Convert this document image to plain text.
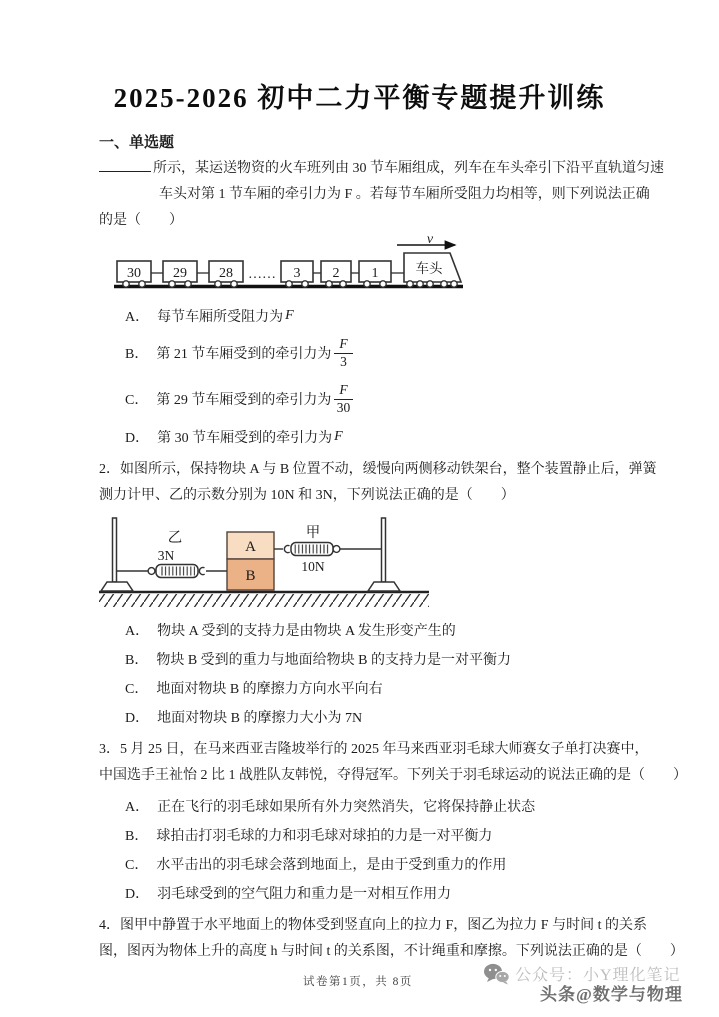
2025-2026 初中二力平衡专题提升训练
一、单选题
所示，某运送物资的火车班列由 30 节车厢组成，列车在车头牵引下沿平直轨道匀速
车头对第 1 节车厢的牵引力为 F 。若每节车厢所受阻力均相等，则下列说法正确
的是（　　）
30 29 28 …… 3 2 1	车头
v
A． 每节车厢所受阻力为 F
B． 第 21 节车厢受到的牵引力为 $\frac{F}{3}$
C． 第 29 节车厢受到的牵引力为 $\frac{F}{30}$
D． 第 30 节车厢受到的牵引力为 F
2．如图所示，保持物块 A 与 B 位置不动，缓慢向两侧移动铁架台，整个装置静止后，弹簧
测力计甲、乙的示数分别为 10N 和 3N，下列说法正确的是（　　）
A
B
乙
3N
甲
10N
A． 物块 A 受到的支持力是由物块 A 发生形变产生的
B． 物块 B 受到的重力与地面给物块 B 的支持力是一对平衡力
C． 地面对物块 B 的摩擦力方向水平向右
D． 地面对物块 B 的摩擦力大小为 7N
3．5 月 25 日，在马来西亚吉隆坡举行的 2025 年马来西亚羽毛球大师赛女子单打决赛中，
中国选手王祉怡 2 比 1 战胜队友韩悦，夺得冠军。下列关于羽毛球运动的说法正确的是（　　）
A． 正在飞行的羽毛球如果所有外力突然消失，它将保持静止状态
B． 球拍击打羽毛球的力和羽毛球对球拍的力是一对平衡力
C． 水平击出的羽毛球会落到地面上，是由于受到重力的作用
D． 羽毛球受到的空气阻力和重力是一对相互作用力
4．图甲中静置于水平地面上的物体受到竖直向上的拉力 F，图乙为拉力 F 与时间 t 的关系
图，图丙为物体上升的高度 h 与时间 t 的关系图，不计绳重和摩擦。下列说法正确的是（　　）
试卷第1页，共 8页	公众号：小Y理化笔记
头条@数学与物理
